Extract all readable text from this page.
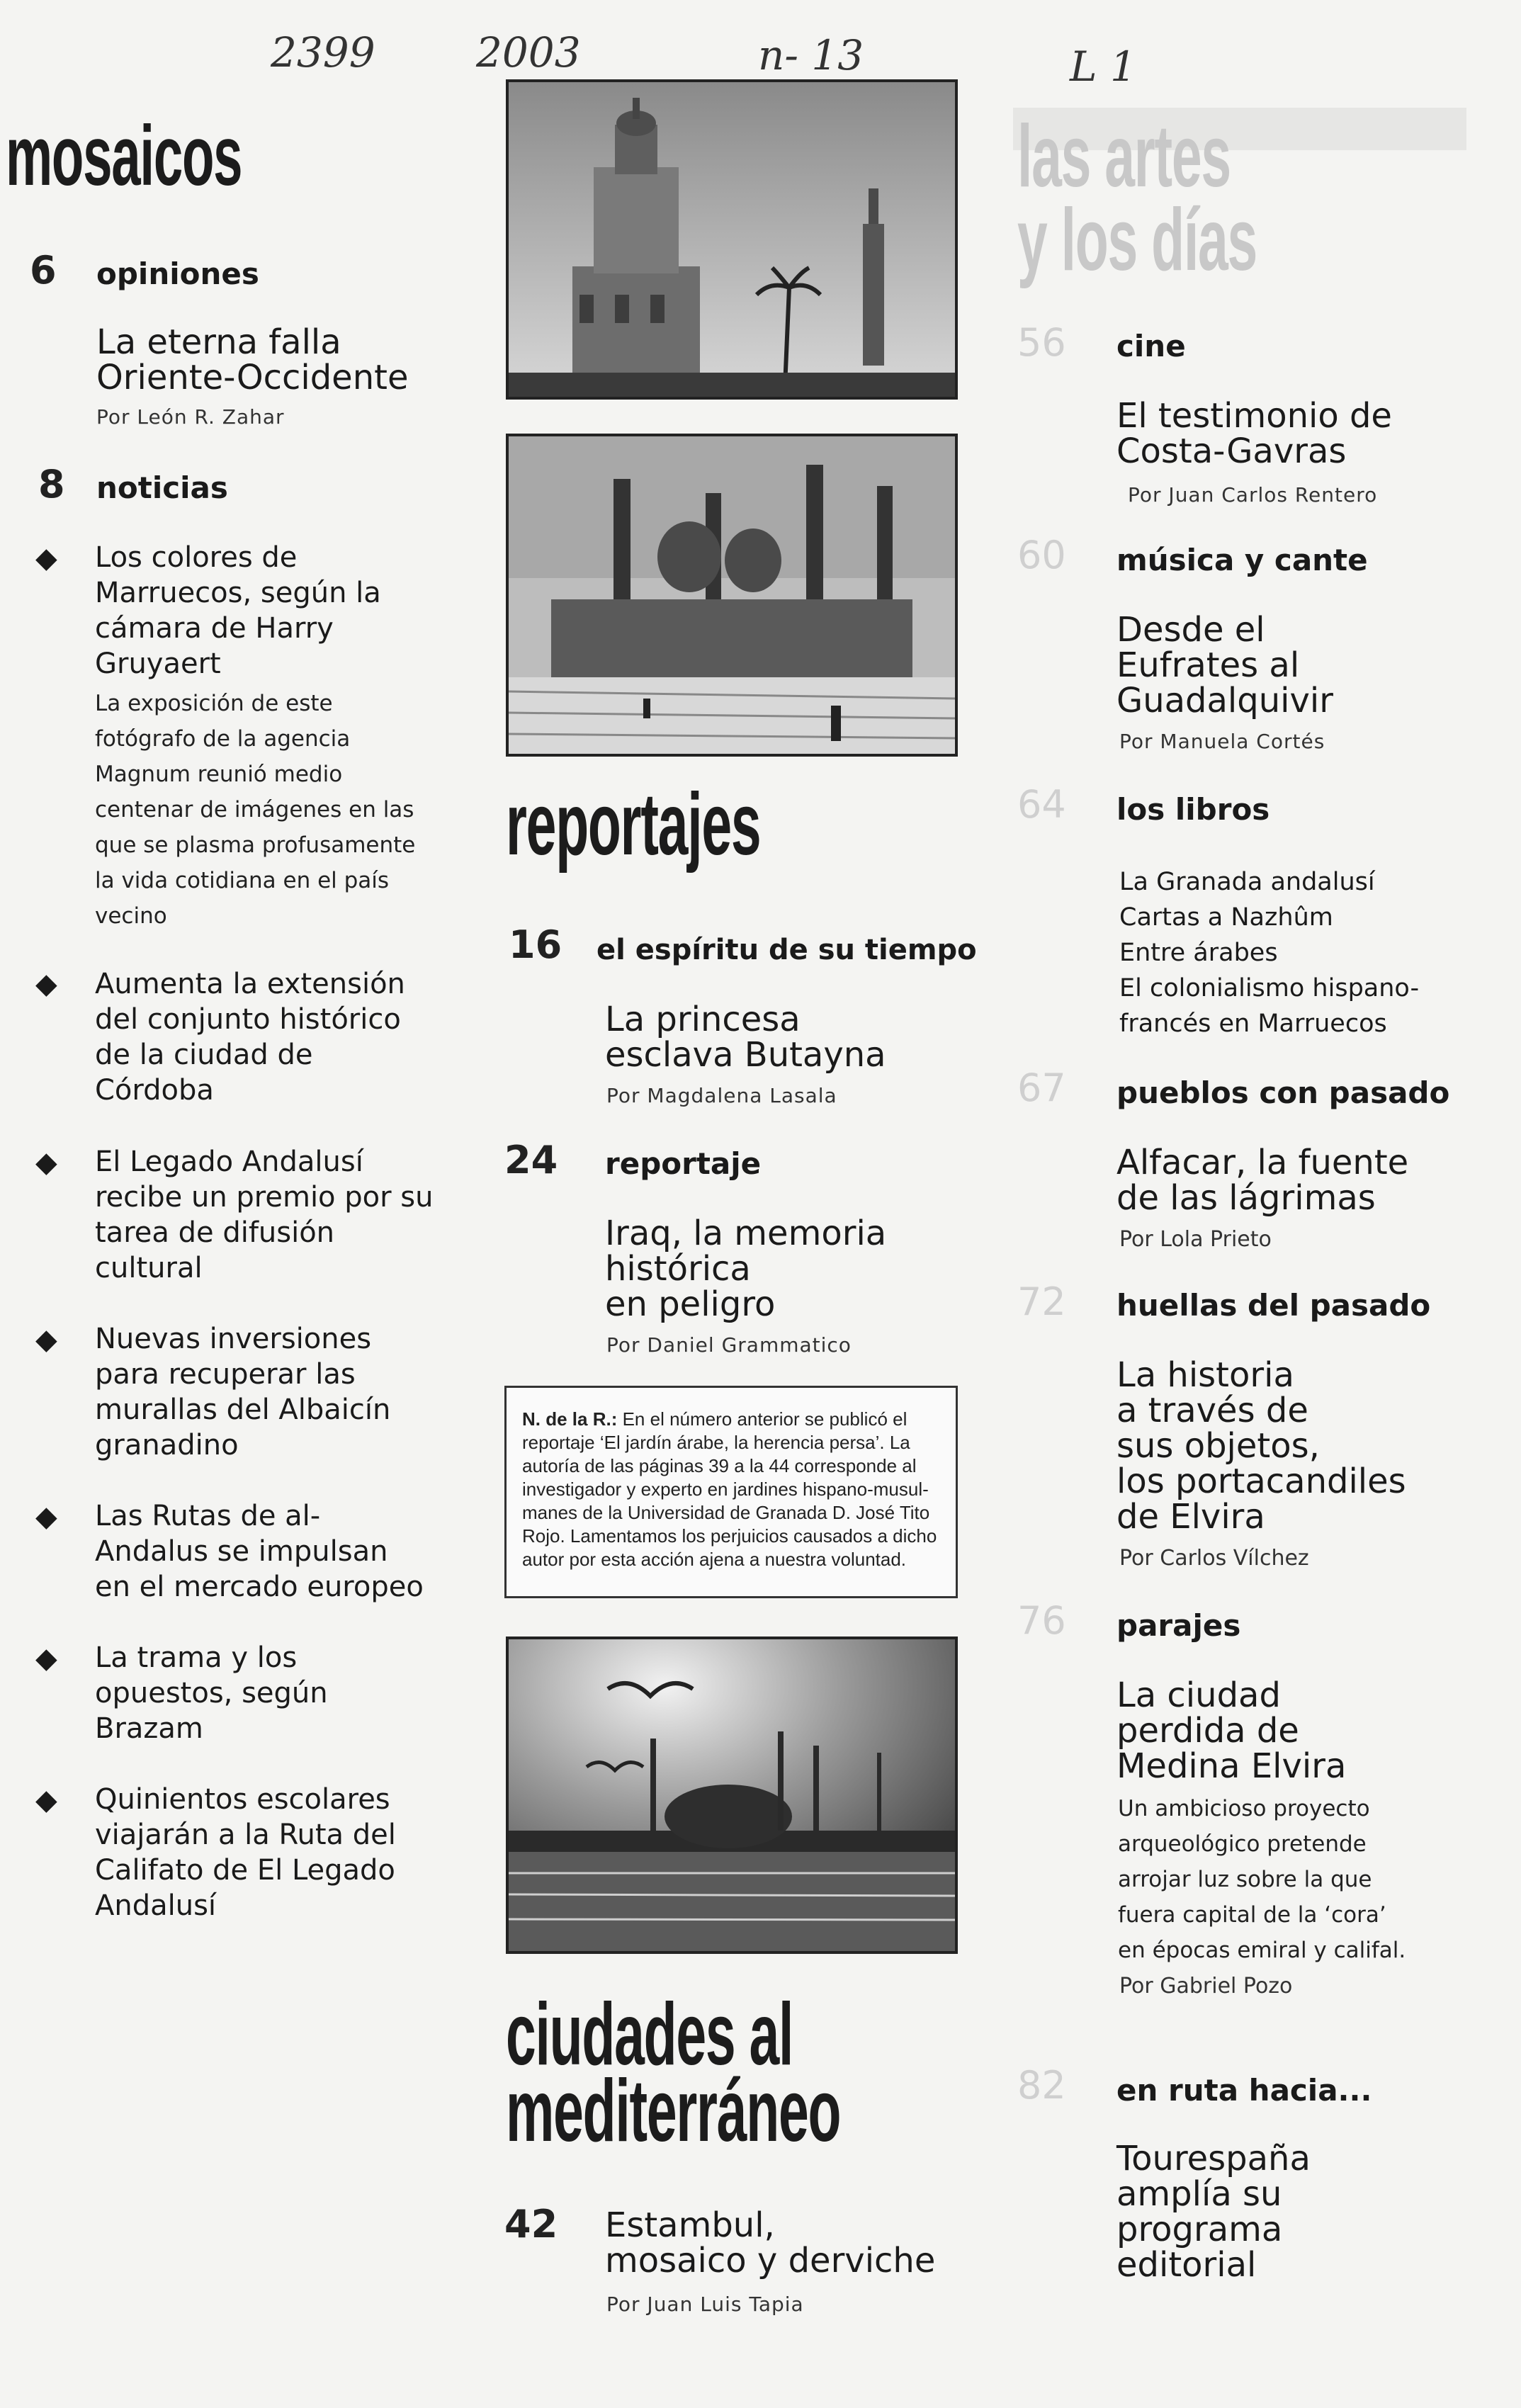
2399 2003	n- 13	L 1
mosaicos
6 opiniones
La eterna falla
Oriente-Occidente
Por León R. Zahar
8 noticias
◆ Los colores de
Marruecos, según la
cámara de Harry
Gruyaert
La exposición de este
fotógrafo de la agencia
Magnum reunió medio
centenar de imágenes en las
que se plasma profusamente
la vida cotidiana en el país
vecino
◆ Aumenta la extensión
del conjunto histórico
de la ciudad de
Córdoba
◆ El Legado Andalusí
recibe un premio por su
tarea de difusión
cultural
◆ Nuevas inversiones
para recuperar las
murallas del Albaicín
granadino
◆ Las Rutas de al-
Andalus se impulsan
en el mercado europeo
◆ La trama y los
opuestos, según
Brazam
◆ Quinientos escolares
viajarán a la Ruta del
Califato de El Legado
Andalusí
reportajes
16 el espíritu de su tiempo
La princesa
esclava Butayna
Por Magdalena Lasala
24 reportaje
Iraq, la memoria
histórica
en peligro
Por Daniel Grammatico
N. de la R.: En el número anterior se publicó el
reportaje ‘El jardín árabe, la herencia persa’. La
autoría de las páginas 39 a la 44 corresponde al
investigador y experto en jardines hispano-musul-
manes de la Universidad de Granada D. José Tito
Rojo. Lamentamos los perjuicios causados a dicho
autor por esta acción ajena a nuestra voluntad.
ciudades al
mediterráneo
42 Estambul,
mosaico y derviche
Por Juan Luis Tapia
las artes
y los días
56 cine
El testimonio de
Costa-Gavras
Por Juan Carlos Rentero
60 música y cante
Desde el
Eufrates al
Guadalquivir
Por Manuela Cortés
64 los libros
La Granada andalusí
Cartas a Nazhûm
Entre árabes
El colonialismo hispano-
francés en Marruecos
67 pueblos con pasado
Alfacar, la fuente
de las lágrimas
Por Lola Prieto
72 huellas del pasado
La historia
a través de
sus objetos,
los portacandiles
de Elvira
Por Carlos Vílchez
76 parajes
La ciudad
perdida de
Medina Elvira
Un ambicioso proyecto
arqueológico pretende
arrojar luz sobre la que
fuera capital de la ‘cora’
en épocas emiral y califal.
Por Gabriel Pozo
82 en ruta hacia...
Tourespaña
amplía su
programa
editorial
